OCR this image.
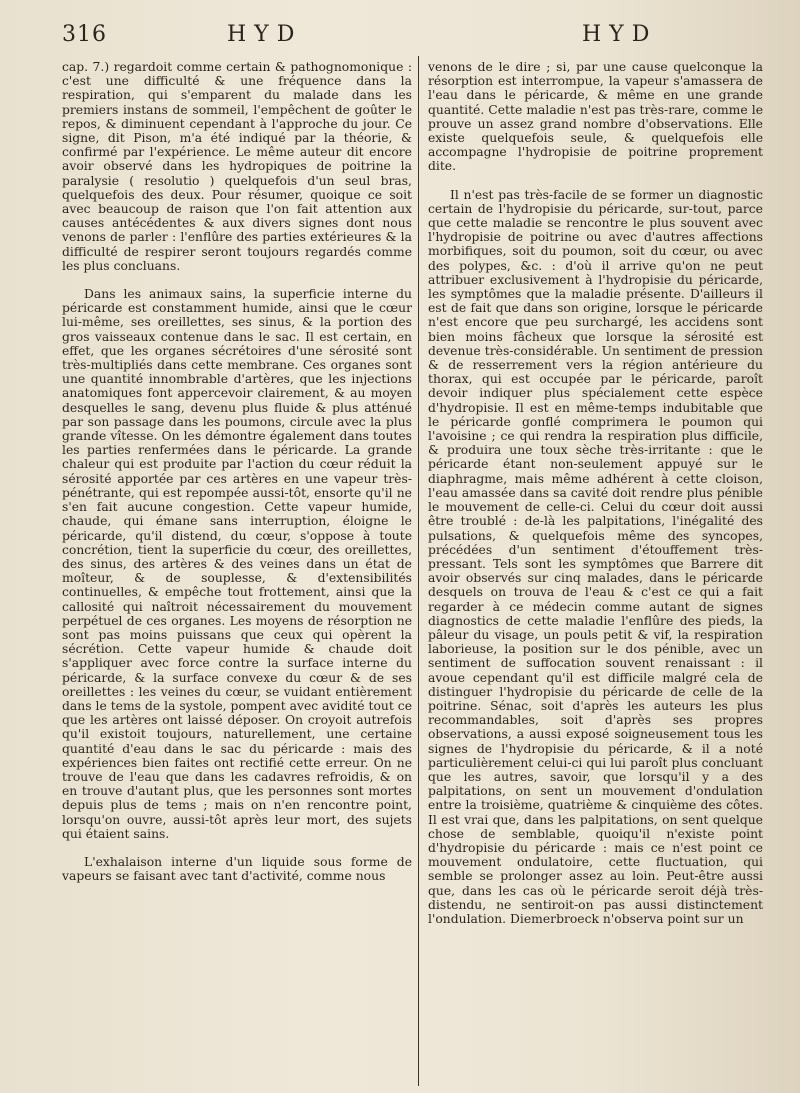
316	HYD	HYD

cap. 7.) regardoit comme certain & pathognomonique : c'est une difficulté & une fréquence dans la respiration, qui s'emparent du malade dans les premiers instans de sommeil, l'empêchent de goûter le repos, & diminuent cependant à l'approche du jour. Ce signe, dit Pison, m'a été indiqué par la théorie, & confirmé par l'expérience. Le même auteur dit encore avoir observé dans les hydropiques de poitrine la paralysie ( resolutio ) quelquefois d'un seul bras, quelquefois des deux. Pour résumer, quoique ce soit avec beaucoup de raison que l'on fait attention aux causes antécédentes & aux divers signes dont nous venons de parler : l'enflûre des parties extérieures & la difficulté de respirer seront toujours regardés comme les plus concluans.

Dans les animaux sains, la superficie interne du péricarde est constamment humide, ainsi que le cœur lui-même, ses oreillettes, ses sinus, & la portion des gros vaisseaux contenue dans le sac. Il est certain, en effet, que les organes sécrétoires d'une sérosité sont très-multipliés dans cette membrane. Ces organes sont une quantité innombrable d'artères, que les injections anatomiques font appercevoir clairement, & au moyen desquelles le sang, devenu plus fluide & plus atténué par son passage dans les poumons, circule avec la plus grande vîtesse. On les démontre également dans toutes les parties renfermées dans le péricarde. La grande chaleur qui est produite par l'action du cœur réduit la sérosité apportée par ces artères en une vapeur très-pénétrante, qui est repompée aussi-tôt, ensorte qu'il ne s'en fait aucune congestion. Cette vapeur humide, chaude, qui émane sans interruption, éloigne le péricarde, qu'il distend, du cœur, s'oppose à toute concrétion, tient la superficie du cœur, des oreillettes, des sinus, des artères & des veines dans un état de moîteur, & de souplesse, & d'extensibilités continuelles, & empêche tout frottement, ainsi que la callosité qui naîtroit nécessairement du mouvement perpétuel de ces organes. Les moyens de résorption ne sont pas moins puissans que ceux qui opèrent la sécrétion. Cette vapeur humide & chaude doit s'appliquer avec force contre la surface interne du péricarde, & la surface convexe du cœur & de ses oreillettes : les veines du cœur, se vuidant entièrement dans le tems de la systole, pompent avec avidité tout ce que les artères ont laissé déposer. On croyoit autrefois qu'il existoit toujours, naturellement, une certaine quantité d'eau dans le sac du péricarde : mais des expériences bien faites ont rectifié cette erreur. On ne trouve de l'eau que dans les cadavres refroidis, & on en trouve d'autant plus, que les personnes sont mortes depuis plus de tems ; mais on n'en rencontre point, lorsqu'on ouvre, aussi-tôt après leur mort, des sujets qui étaient sains.

L'exhalaison interne d'un liquide sous forme de vapeurs se faisant avec tant d'activité, comme nous

venons de le dire ; si, par une cause quelconque la résorption est interrompue, la vapeur s'amassera de l'eau dans le péricarde, & même en une grande quantité. Cette maladie n'est pas très-rare, comme le prouve un assez grand nombre d'observations. Elle existe quelquefois seule, & quelquefois elle accompagne l'hydropisie de poitrine proprement dite.

Il n'est pas très-facile de se former un diagnostic certain de l'hydropisie du péricarde, sur-tout, parce que cette maladie se rencontre le plus souvent avec l'hydropisie de poitrine ou avec d'autres affections morbifiques, soit du poumon, soit du cœur, ou avec des polypes, &c. : d'où il arrive qu'on ne peut attribuer exclusivement à l'hydropisie du péricarde, les symptômes que la maladie présente. D'ailleurs il est de fait que dans son origine, lorsque le péricarde n'est encore que peu surchargé, les accidens sont bien moins fâcheux que lorsque la sérosité est devenue très-considérable. Un sentiment de pression & de resserrement vers la région antérieure du thorax, qui est occupée par le péricarde, paroît devoir indiquer plus spécialement cette espèce d'hydropisie. Il est en même-temps indubitable que le péricarde gonflé comprimera le poumon qui l'avoisine ; ce qui rendra la respiration plus difficile, & produira une toux sèche très-irritante : que le péricarde étant non-seulement appuyé sur le diaphragme, mais même adhérent à cette cloison, l'eau amassée dans sa cavité doit rendre plus pénible le mouvement de celle-ci. Celui du cœur doit aussi être troublé : de-là les palpitations, l'inégalité des pulsations, & quelquefois même des syncopes, précédées d'un sentiment d'étouffement très-pressant. Tels sont les symptômes que Barrere dit avoir observés sur cinq malades, dans le péricarde desquels on trouva de l'eau & c'est ce qui a fait regarder à ce médecin comme autant de signes diagnostics de cette maladie l'enflûre des pieds, la pâleur du visage, un pouls petit & vif, la respiration laborieuse, la position sur le dos pénible, avec un sentiment de suffocation souvent renaissant : il avoue cependant qu'il est difficile malgré cela de distinguer l'hydropisie du péricarde de celle de la poitrine. Sénac, soit d'après les auteurs les plus recommandables, soit d'après ses propres observations, a aussi exposé soigneusement tous les signes de l'hydropisie du péricarde, & il a noté particulièrement celui-ci qui lui paroît plus concluant que les autres, savoir, que lorsqu'il y a des palpitations, on sent un mouvement d'ondulation entre la troisième, quatrième & cinquième des côtes. Il est vrai que, dans les palpitations, on sent quelque chose de semblable, quoiqu'il n'existe point d'hydropisie du péricarde : mais ce n'est point ce mouvement ondulatoire, cette fluctuation, qui semble se prolonger assez au loin. Peut-être aussi que, dans les cas où le péricarde seroit déjà très-distendu, ne sentiroit-on pas aussi distinctement l'ondulation. Diemerbroeck n'observa point sur un
